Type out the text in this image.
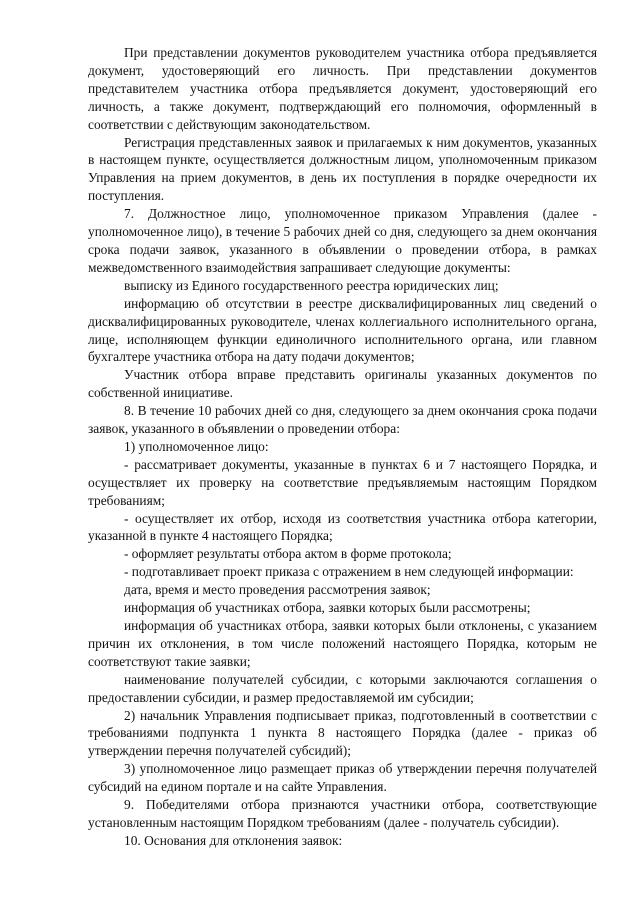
При представлении документов руководителем участника отбора предъявляется документ, удостоверяющий его личность. При представлении документов представителем участника отбора предъявляется документ, удостоверяющий его личность, а также документ, подтверждающий его полномочия, оформленный в соответствии с действующим законодательством.

Регистрация представленных заявок и прилагаемых к ним документов, указанных в настоящем пункте, осуществляется должностным лицом, уполномоченным приказом Управления на прием документов, в день их поступления в порядке очередности их поступления.

7. Должностное лицо, уполномоченное приказом Управления (далее - уполномоченное лицо), в течение 5 рабочих дней со дня, следующего за днем окончания срока подачи заявок, указанного в объявлении о проведении отбора, в рамках межведомственного взаимодействия запрашивает следующие документы:

выписку из Единого государственного реестра юридических лиц;

информацию об отсутствии в реестре дисквалифицированных лиц сведений о дисквалифицированных руководителе, членах коллегиального исполнительного органа, лице, исполняющем функции единоличного исполнительного органа, или главном бухгалтере участника отбора на дату подачи документов;

Участник отбора вправе представить оригиналы указанных документов по собственной инициативе.

8. В течение 10 рабочих дней со дня, следующего за днем окончания срока подачи заявок, указанного в объявлении о проведении отбора:

1) уполномоченное лицо:

- рассматривает документы, указанные в пунктах 6 и 7 настоящего Порядка, и осуществляет их проверку на соответствие предъявляемым настоящим Порядком требованиям;

- осуществляет их отбор, исходя из соответствия участника отбора категории, указанной в пункте 4 настоящего Порядка;

- оформляет результаты отбора актом в форме протокола;

- подготавливает проект приказа с отражением в нем следующей информации:

дата, время и место проведения рассмотрения заявок;

информация об участниках отбора, заявки которых были рассмотрены;

информация об участниках отбора, заявки которых были отклонены, с указанием причин их отклонения, в том числе положений настоящего Порядка, которым не соответствуют такие заявки;

наименование получателей субсидии, с которыми заключаются соглашения о предоставлении субсидии, и размер предоставляемой им субсидии;

2) начальник Управления подписывает приказ, подготовленный в соответствии с требованиями подпункта 1 пункта 8 настоящего Порядка (далее - приказ об утверждении перечня получателей субсидий);

3) уполномоченное лицо размещает приказ об утверждении перечня получателей субсидий на едином портале и на сайте Управления.

9. Победителями отбора признаются участники отбора, соответствующие установленным настоящим Порядком требованиям (далее - получатель субсидии).

10. Основания для отклонения заявок:
